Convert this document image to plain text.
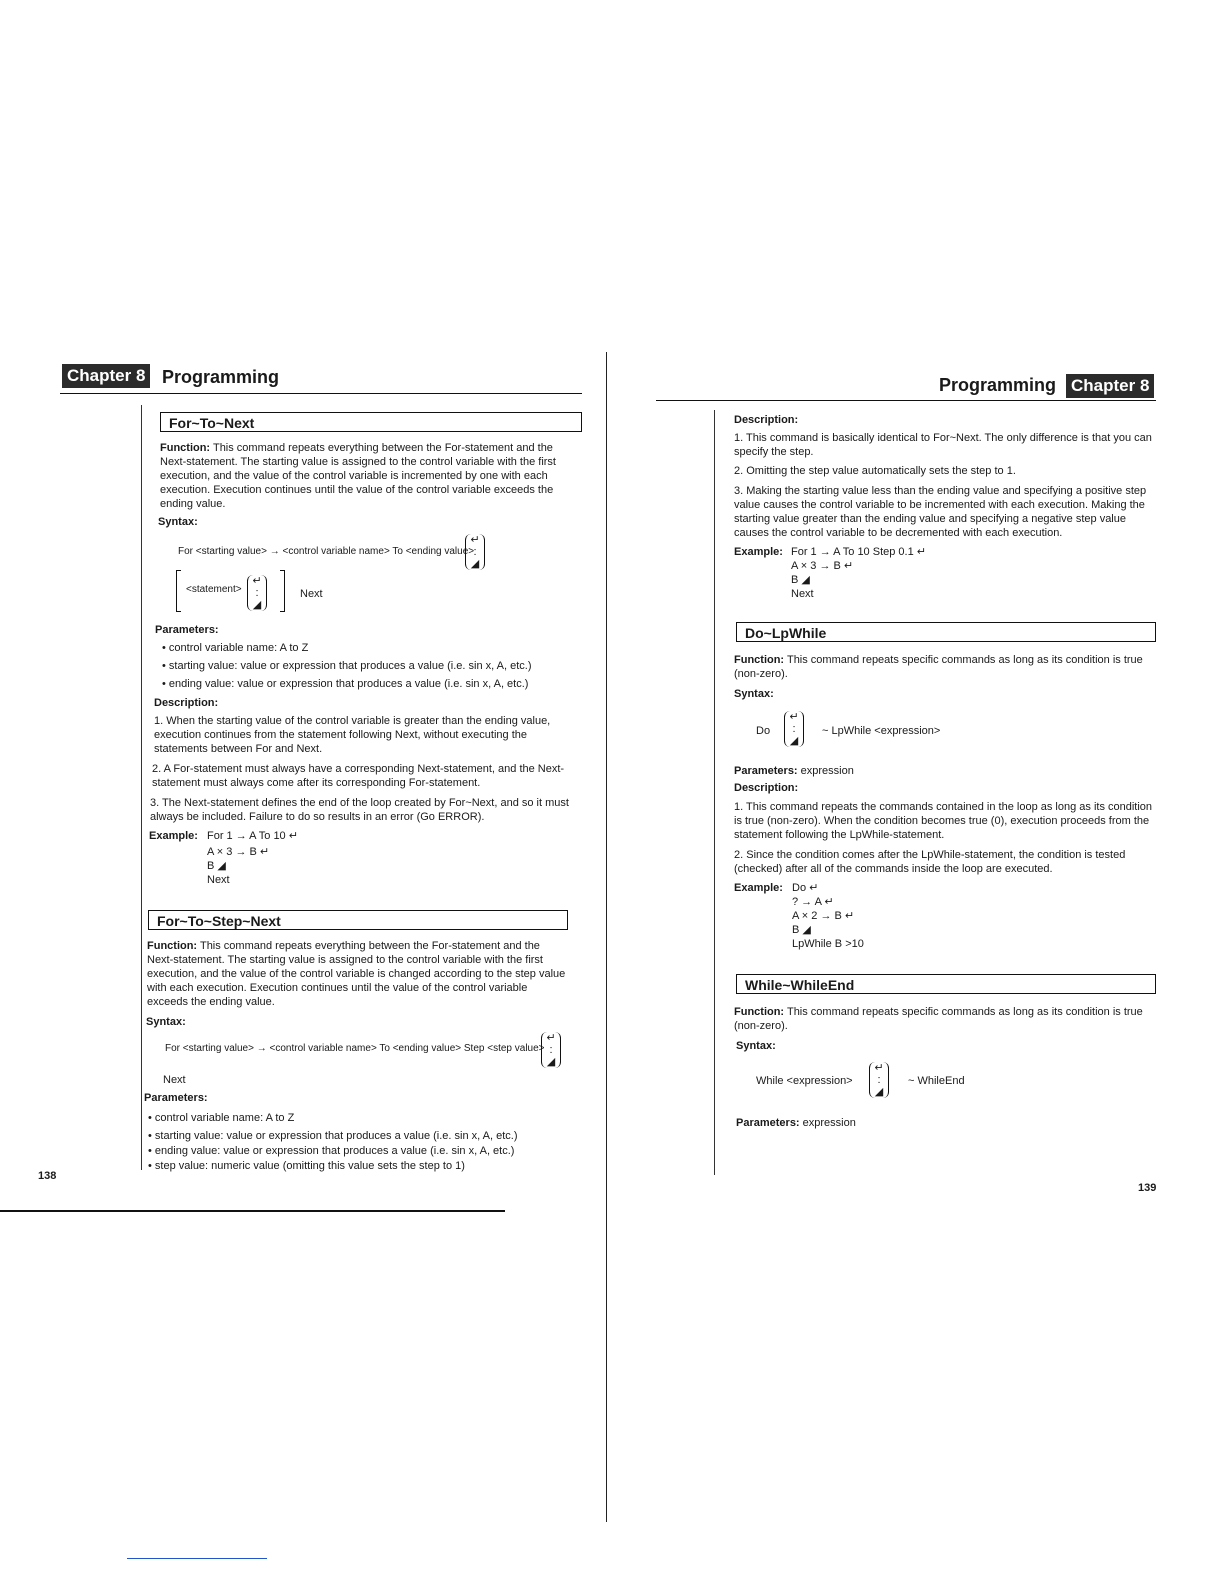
Chapter 8 Programming
For~To~Next
Function: This command repeats everything between the For-statement and the Next-statement. The starting value is assigned to the control variable with the first execution, and the value of the control variable is incremented by one with each execution. Execution continues until the value of the control variable exceeds the ending value.
Syntax:
For <starting value> → <control variable name> To <ending value>
↵
:
◢
<statement>
↵
:
◢
Next
Parameters:
• control variable name: A to Z
• starting value: value or expression that produces a value (i.e. sin x, A, etc.)
• ending value: value or expression that produces a value (i.e. sin x, A, etc.)
Description:
1. When the starting value of the control variable is greater than the ending value, execution continues from the statement following Next, without executing the statements between For and Next.
2. A For-statement must always have a corresponding Next-statement, and the Next-statement must always come after its corresponding For-statement.
3. The Next-statement defines the end of the loop created by For~Next, and so it must always be included. Failure to do so results in an error (Go ERROR).
Example: For 1 → A To 10 ↵
A × 3 → B ↵
B ◢
Next
For~To~Step~Next
Function: This command repeats everything between the For-statement and the Next-statement. The starting value is assigned to the control variable with the first execution, and the value of the control variable is changed according to the step value with each execution. Execution continues until the value of the control variable exceeds the ending value.
Syntax:
For <starting value> → <control variable name> To <ending value> Step <step value>
↵
:
◢
Next
Parameters:
• control variable name: A to Z
• starting value: value or expression that produces a value (i.e. sin x, A, etc.)
• ending value: value or expression that produces a value (i.e. sin x, A, etc.)
• step value: numeric value (omitting this value sets the step to 1)
138
Programming Chapter 8
Description:
1. This command is basically identical to For~Next. The only difference is that you can specify the step.
2. Omitting the step value automatically sets the step to 1.
3. Making the starting value less than the ending value and specifying a positive step value causes the control variable to be incremented with each execution. Making the starting value greater than the ending value and specifying a negative step value causes the control variable to be decremented with each execution.
Example: For 1 → A To 10 Step 0.1 ↵
A × 3 → B ↵
B ◢
Next
Do~LpWhile
Function: This command repeats specific commands as long as its condition is true (non-zero).
Syntax:
Do
↵
:
◢
~ LpWhile <expression>
Parameters: expression
Description:
1. This command repeats the commands contained in the loop as long as its condition is true (non-zero). When the condition becomes true (0), execution proceeds from the statement following the LpWhile-statement.
2. Since the condition comes after the LpWhile-statement, the condition is tested (checked) after all of the commands inside the loop are executed.
Example: Do ↵
? → A ↵
A × 2 → B ↵
B ◢
LpWhile B >10
While~WhileEnd
Function: This command repeats specific commands as long as its condition is true (non-zero).
Syntax:
While <expression>
↵
:
◢
~ WhileEnd
Parameters: expression
139
